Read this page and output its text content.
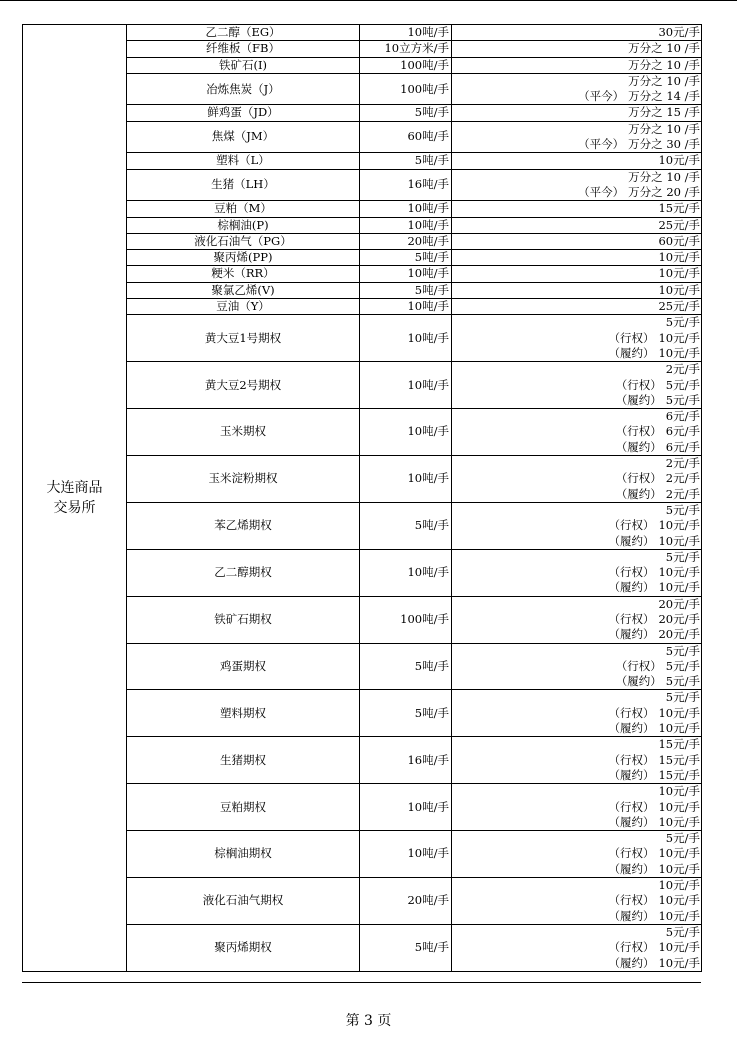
大连商品
交易所	乙二醇（EG）	10吨/手	30元/手

	纤维板（FB）	10立方米/手	万分之 10 /手

	铁矿石(I)	100吨/手	万分之 10 /手

	冶炼焦炭（J）	100吨/手	万分之 10 /手
（平今） 万分之 14 /手

	鲜鸡蛋（JD）	5吨/手	万分之 15 /手

	焦煤（JM）	60吨/手	万分之 10 /手
（平今） 万分之 30 /手

	塑料（L）	5吨/手	10元/手

	生猪（LH）	16吨/手	万分之 10 /手
（平今） 万分之 20 /手

	豆粕（M）	10吨/手	15元/手

	棕榈油(P)	10吨/手	25元/手

	液化石油气（PG）	20吨/手	60元/手

	聚丙烯(PP)	5吨/手	10元/手

	粳米（RR）	10吨/手	10元/手

	聚氯乙烯(V)	5吨/手	10元/手

	豆油（Y）	10吨/手	25元/手

	黄大豆1号期权	10吨/手	5元/手
（行权） 10元/手
（履约） 10元/手

	黄大豆2号期权	10吨/手	2元/手
（行权） 5元/手
（履约） 5元/手

	玉米期权	10吨/手	6元/手
（行权） 6元/手
（履约） 6元/手

	玉米淀粉期权	10吨/手	2元/手
（行权） 2元/手
（履约） 2元/手

	苯乙烯期权	5吨/手	5元/手
（行权） 10元/手
（履约） 10元/手

	乙二醇期权	10吨/手	5元/手
（行权） 10元/手
（履约） 10元/手

	铁矿石期权	100吨/手	20元/手
（行权） 20元/手
（履约） 20元/手

	鸡蛋期权	5吨/手	5元/手
（行权） 5元/手
（履约） 5元/手

	塑料期权	5吨/手	5元/手
（行权） 10元/手
（履约） 10元/手

	生猪期权	16吨/手	15元/手
（行权） 15元/手
（履约） 15元/手

	豆粕期权	10吨/手	10元/手
（行权） 10元/手
（履约） 10元/手

	棕榈油期权	10吨/手	5元/手
（行权） 10元/手
（履约） 10元/手

	液化石油气期权	20吨/手	10元/手
（行权） 10元/手
（履约） 10元/手

	聚丙烯期权	5吨/手	5元/手
（行权） 10元/手
（履约） 10元/手
第 3 页
